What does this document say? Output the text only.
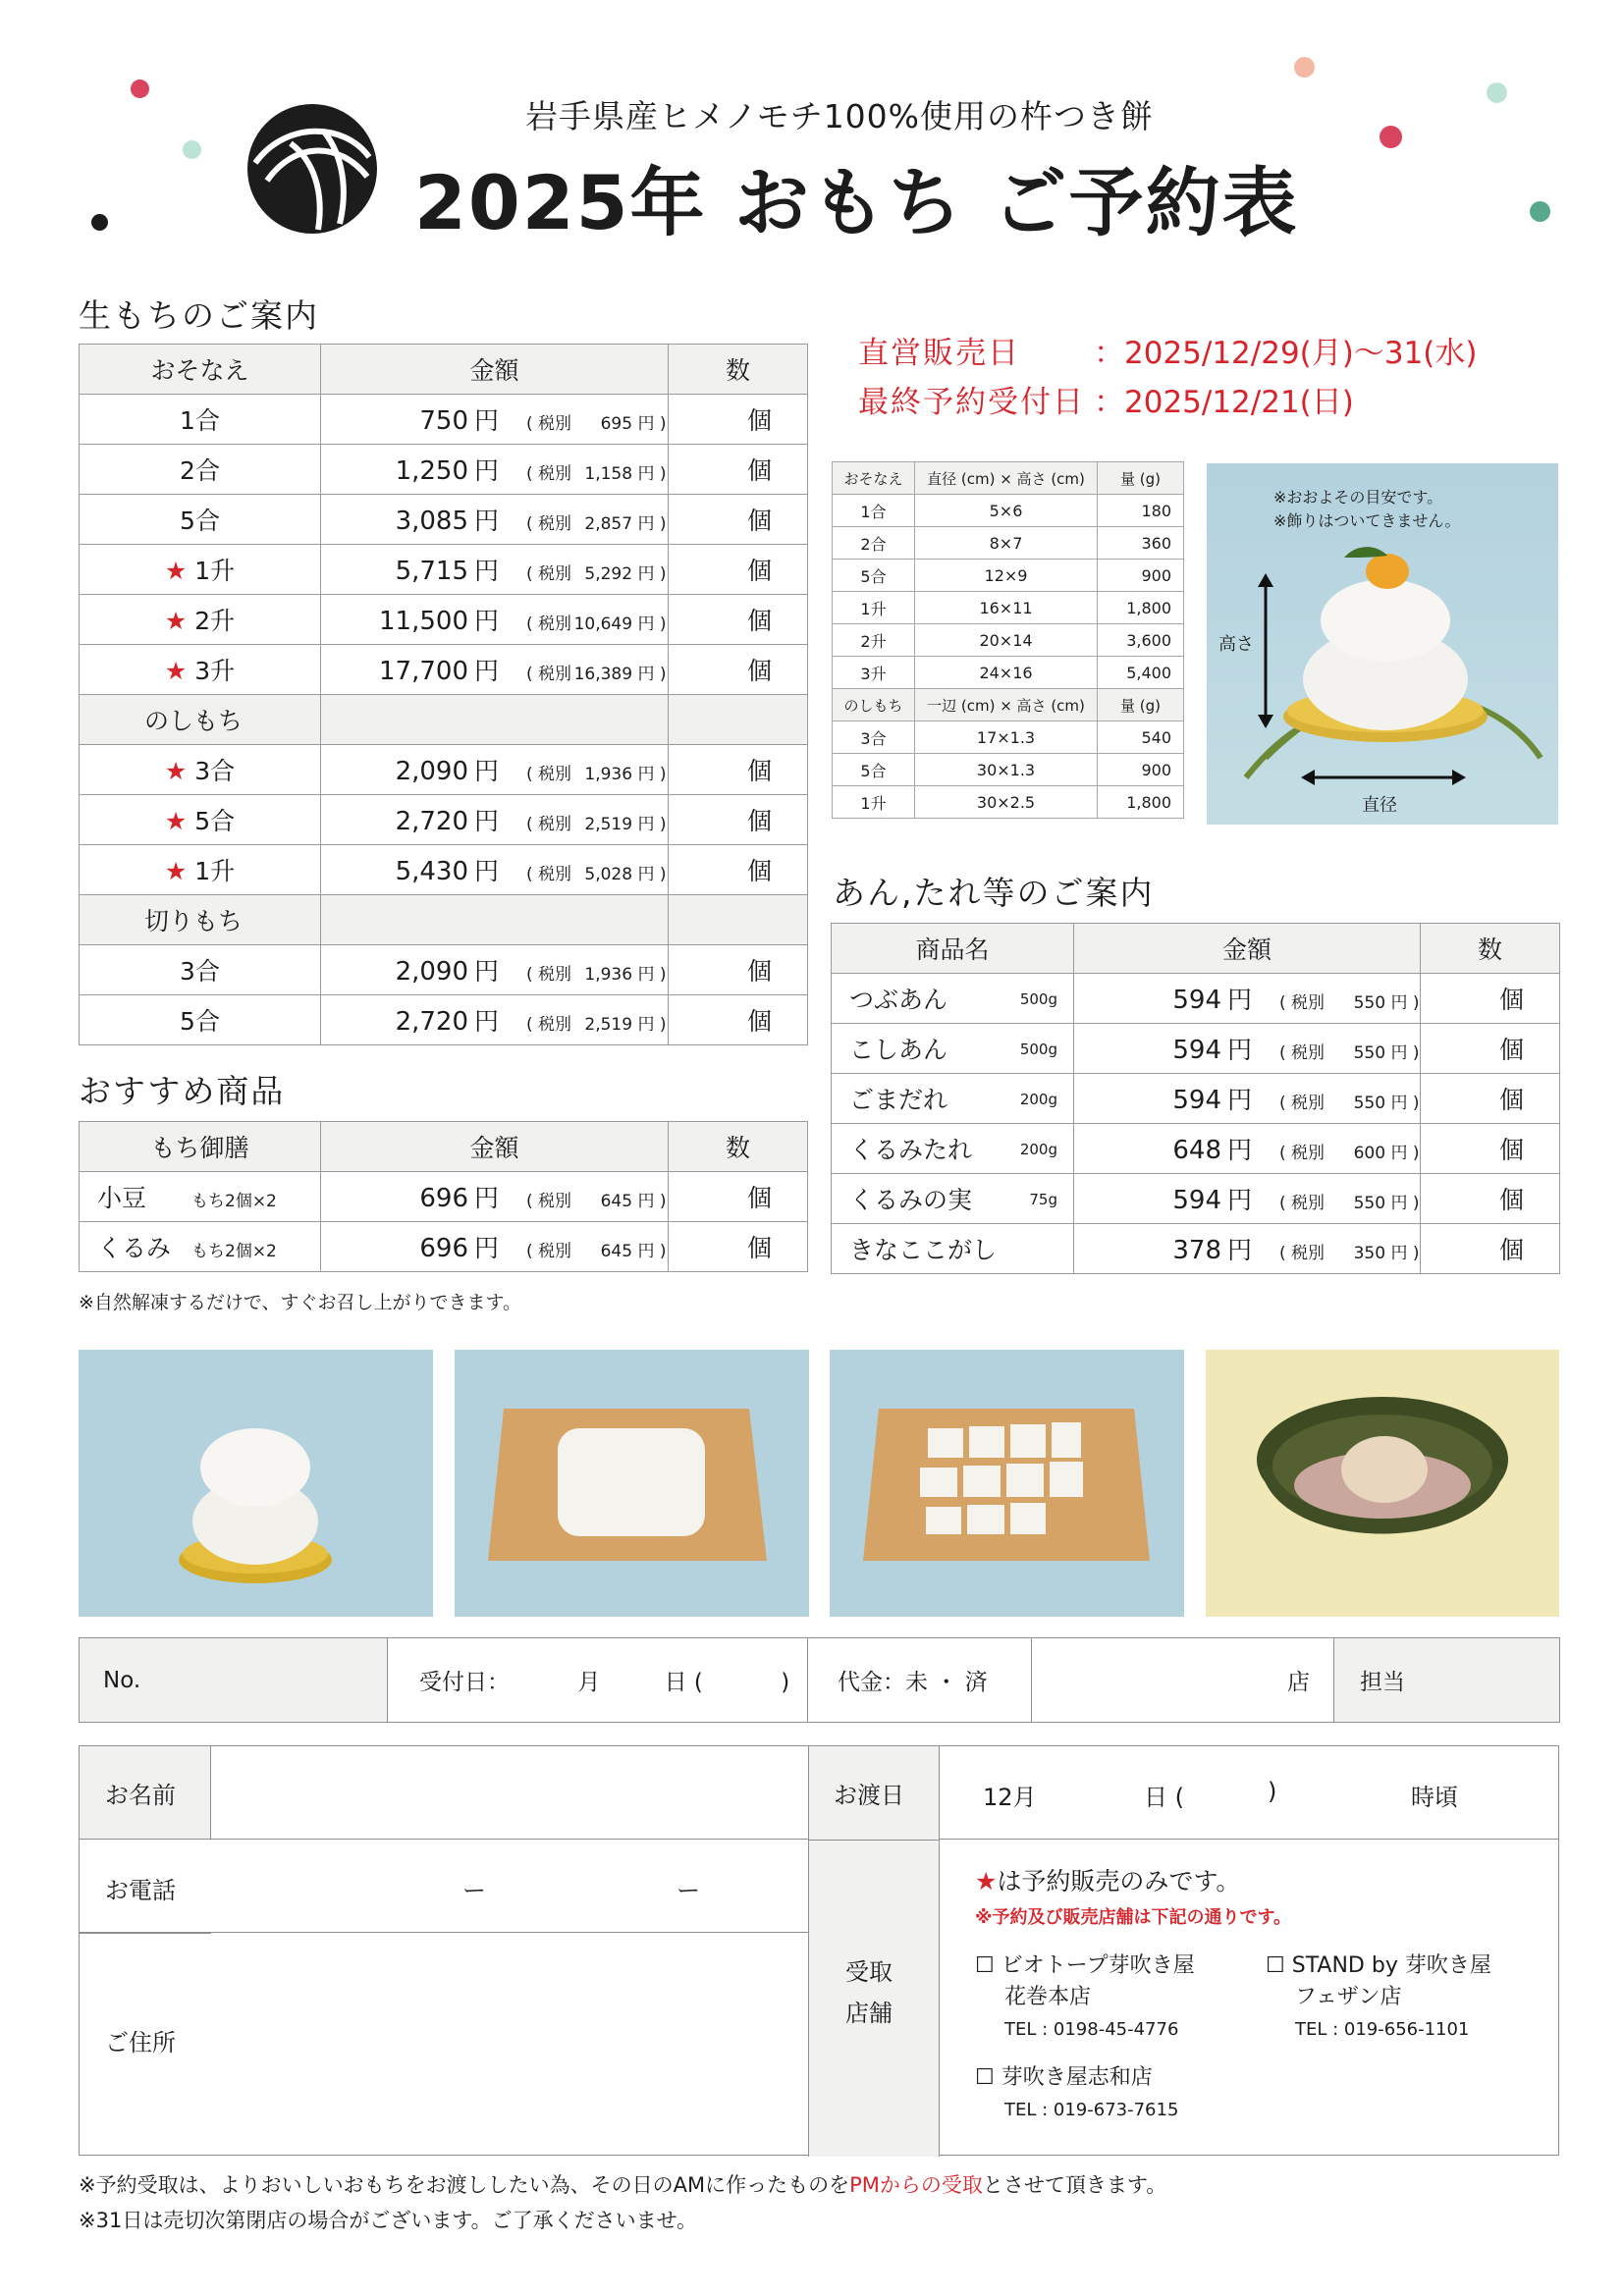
岩手県産ヒメノモチ100%使用の杵つき餅
2025年 おもち ご予約表
生もちのご案内
おそなえ	金額	数
1合	750 円 ( 税別 695 円 )	個
2合	1,250 円 ( 税別 1,158 円 )	個
5合	3,085 円 ( 税別 2,857 円 )	個
★ 1升	5,715 円 ( 税別 5,292 円 )	個
★ 2升	11,500 円 ( 税別 10,649 円 )	個
★ 3升	17,700 円 ( 税別 16,389 円 )	個
のしもち		
★ 3合	2,090 円 ( 税別 1,936 円 )	個
★ 5合	2,720 円 ( 税別 2,519 円 )	個
★ 1升	5,430 円 ( 税別 5,028 円 )	個
切りもち		
3合	2,090 円 ( 税別 1,936 円 )	個
5合	2,720 円 ( 税別 2,519 円 )	個
おすすめ商品
もち御膳	金額	数
小豆 もち2個×2	696 円 ( 税別 645 円 )	個
くるみ もち2個×2	696 円 ( 税別 645 円 )	個
※自然解凍するだけで、すぐお召し上がりできます。
直営販売日 ：2025/12/29(月)〜31(水)
最終予約受付日 ：2025/12/21(日)
おそなえ	直径 (cm) × 高さ (cm)	量 (g)
1合	5×6	180
2合	8×7	360
5合	12×9	900
1升	16×11	1,800
2升	20×14	3,600
3升	24×16	5,400
のしもち	一辺 (cm) × 高さ (cm)	量 (g)
3合	17×1.3	540
5合	30×1.3	900
1升	30×2.5	1,800
※おおよその目安です。
※飾りはついてきません。
高さ
直径
あん,たれ等のご案内
商品名	金額	数
つぶあん 500g	594 円 ( 税別 550 円 )	個
こしあん 500g	594 円 ( 税別 550 円 )	個
ごまだれ 200g	594 円 ( 税別 550 円 )	個
くるみたれ 200g	648 円 ( 税別 600 円 )	個
くるみの実 75g	594 円 ( 税別 550 円 )	個
きなここがし	378 円 ( 税別 350 円 )	個
No.	受付日：	月	日 (	)	代金：未 ・ 済	店	担当
お名前	お渡日	12月	日 (	)	時頃
お電話	ー	ー
ご住所
受取
店舗
★は予約販売のみです。
※予約及び販売店舗は下記の通りです。
☐ ビオトープ芽吹き屋
花巻本店
TEL : 0198-45-4776
☐ STAND by 芽吹き屋
フェザン店
TEL : 019-656-1101
☐ 芽吹き屋志和店
TEL : 019-673-7615
※予約受取は、よりおいしいおもちをお渡ししたい為、その日のAMに作ったものをPMからの受取とさせて頂きます。
※31日は売切次第閉店の場合がございます。ご了承くださいませ。
